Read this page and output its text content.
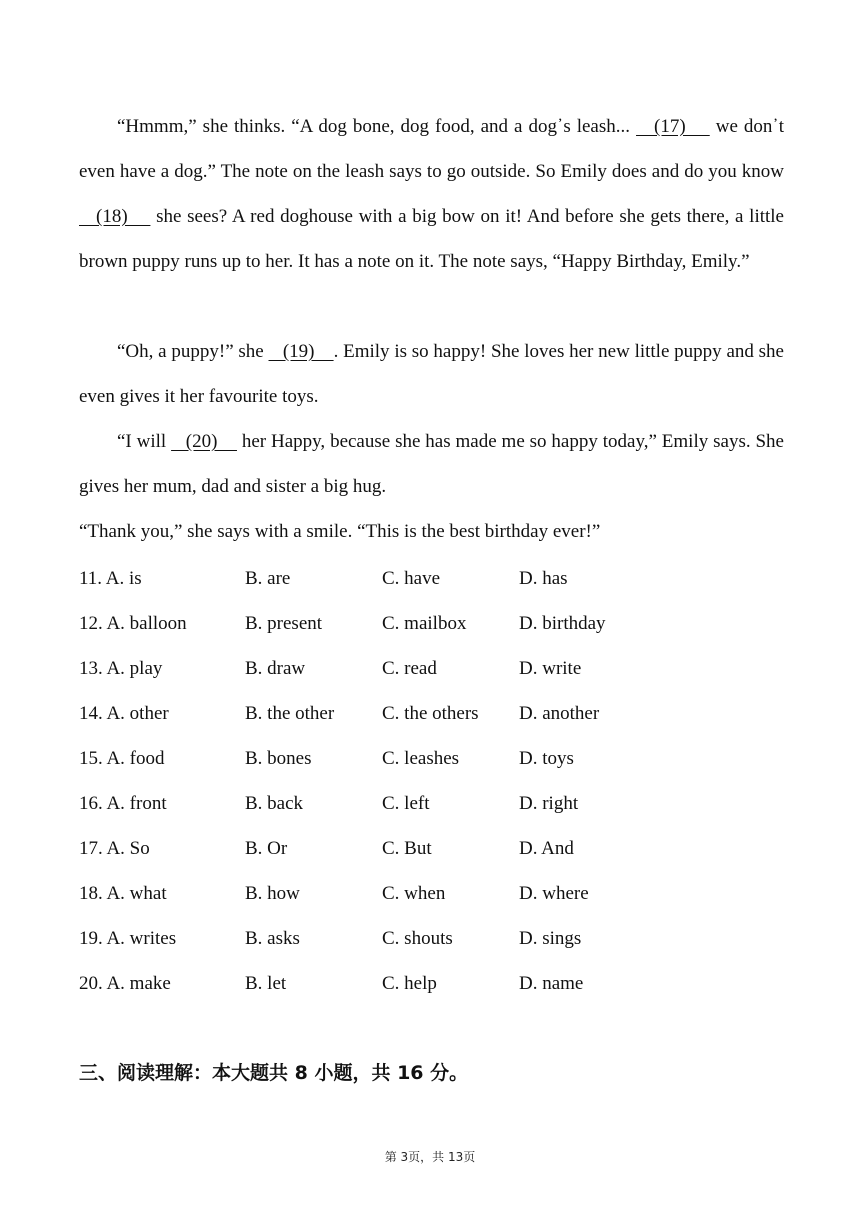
“Hmmm,” she thinks. “A dog bone, dog food, and a dog᾿s leash...    (17)     we don᾿t even have a dog.” The note on the leash says to go outside. So Emily does and do you know    (18)     she sees? A red doghouse with a big bow on it! And before she gets there, a little brown puppy runs up to her. It has a note on it. The note says, “Happy Birthday, Emily.”

“Oh, a puppy!” she    (19)    . Emily is so happy! She loves her new little puppy and she even gives it her favourite toys.

“I will    (20)     her Happy, because she has made me so happy today,” Emily says. She gives her mum, dad and sister a big hug.

“Thank you,” she says with a smile. “This is the best birthday ever!”

11. A. is	B. are	C. have	D. has
12. A. balloon	B. present	C. mailbox	D. birthday
13. A. play	B. draw	C. read	D. write
14. A. other	B. the other	C. the others D. another
15. A. food	B. bones	C. leashes	D. toys
16. A. front	B. back	C. left	D. right
17. A. So	B. Or	C. But	D. And
18. A. what	B. how	C. when	D. where
19. A. writes	B. asks	C. shouts	D. sings
20. A. make	B. let	C. help	D. name
三、阅读理解：本大题共 8 小题，共 16 分。
第 3页，共 13页
